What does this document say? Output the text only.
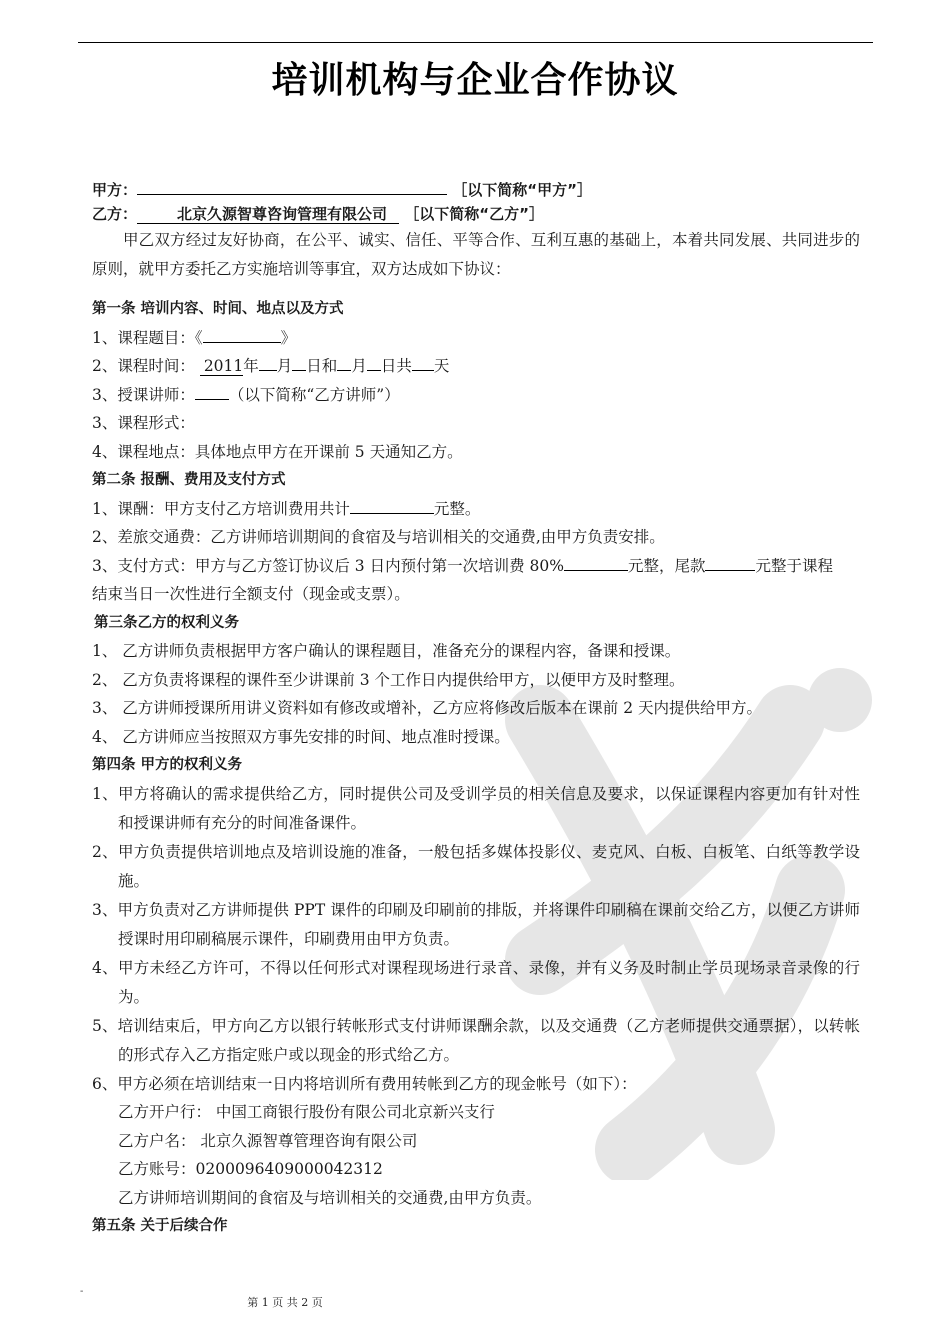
培训机构与企业合作协议
甲方：	［以下简称“甲方”］
乙方：	北京久源智尊咨询管理有限公司 ［以下简称“乙方”］
甲乙双方经过友好协商，在公平、诚实、信任、平等合作、互利互惠的基础上，本着共同发展、共同进步的原则，就甲方委托乙方实施培训等事宜，双方达成如下协议：
第一条 培训内容、时间、地点以及方式
1、课程题目：《	》
2、课程时间： 2011年 月 日和 月 日共 天
3、授课讲师： （以下简称“乙方讲师”）
3、课程形式：
4、课程地点：具体地点甲方在开课前 5 天通知乙方。
第二条 报酬、费用及支付方式
1、课酬：甲方支付乙方培训费用共计	元整。
2、差旅交通费：乙方讲师培训期间的食宿及与培训相关的交通费,由甲方负责安排。
3、支付方式：甲方与乙方签订协议后 3 日内预付第一次培训费 80%	元整，尾款	元整于课程
结束当日一次性进行全额支付（现金或支票）。
第三条乙方的权利义务
1、 乙方讲师负责根据甲方客户确认的课程题目，准备充分的课程内容，备课和授课。
2、 乙方负责将课程的课件至少讲课前 3 个工作日内提供给甲方，以便甲方及时整理。
3、 乙方讲师授课所用讲义资料如有修改或增补，乙方应将修改后版本在课前 2 天内提供给甲方。
4、 乙方讲师应当按照双方事先安排的时间、地点准时授课。
第四条 甲方的权利义务
1、甲方将确认的需求提供给乙方，同时提供公司及受训学员的相关信息及要求，以保证课程内容更加有针对性和授课讲师有充分的时间准备课件。
2、甲方负责提供培训地点及培训设施的准备，一般包括多媒体投影仪、麦克风、白板、白板笔、白纸等教学设施。
3、甲方负责对乙方讲师提供 PPT 课件的印刷及印刷前的排版，并将课件印刷稿在课前交给乙方，以便乙方讲师授课时用印刷稿展示课件，印刷费用由甲方负责。
4、甲方未经乙方许可，不得以任何形式对课程现场进行录音、录像，并有义务及时制止学员现场录音录像的行为。
5、培训结束后，甲方向乙方以银行转帐形式支付讲师课酬余款，以及交通费（乙方老师提供交通票据），以转帐的形式存入乙方指定账户或以现金的形式给乙方。
6、甲方必须在培训结束一日内将培训所有费用转帐到乙方的现金帐号（如下）：
乙方开户行： 中国工商银行股份有限公司北京新兴支行
乙方户名： 北京久源智尊管理咨询有限公司
乙方账号：0200096409000042312
乙方讲师培训期间的食宿及与培训相关的交通费,由甲方负责。
第五条 关于后续合作
-
第 1 页 共 2 页
